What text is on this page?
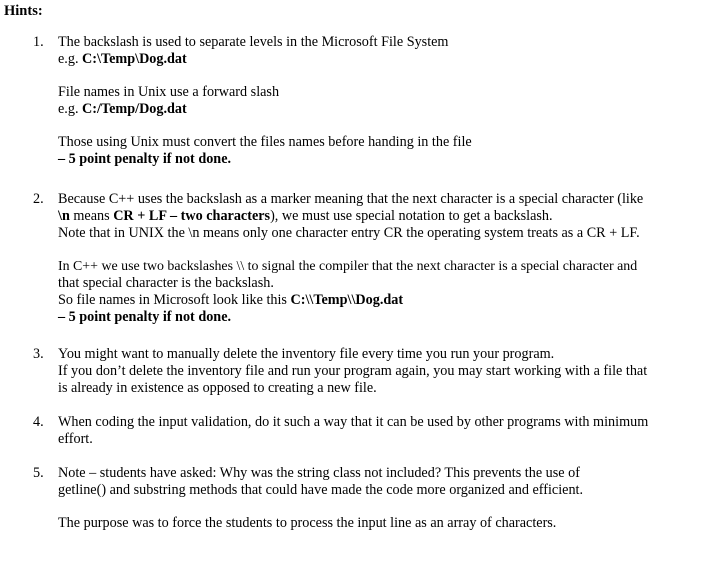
Hints:
1. The backslash is used to separate levels in the Microsoft File System
e.g. C:\Temp\Dog.dat
File names in Unix use a forward slash
e.g. C:/Temp/Dog.dat
Those using Unix must convert the files names before handing in the file
– 5 point penalty if not done.
2. Because C++ uses the backslash as a marker meaning that the next character is a special character (like
\n means CR + LF – two characters), we must use special notation to get a backslash.
Note that in UNIX the \n means only one character entry CR the operating system treats as a CR + LF.
In C++ we use two backslashes \\ to signal the compiler that the next character is a special character and
that special character is the backslash.
So file names in Microsoft look like this C:\\Temp\\Dog.dat
– 5 point penalty if not done.
3. You might want to manually delete the inventory file every time you run your program.
If you don’t delete the inventory file and run your program again, you may start working with a file that
is already in existence as opposed to creating a new file.
4. When coding the input validation, do it such a way that it can be used by other programs with minimum
effort.
5. Note – students have asked: Why was the string class not included? This prevents the use of
getline() and substring methods that could have made the code more organized and efficient.
The purpose was to force the students to process the input line as an array of characters.
